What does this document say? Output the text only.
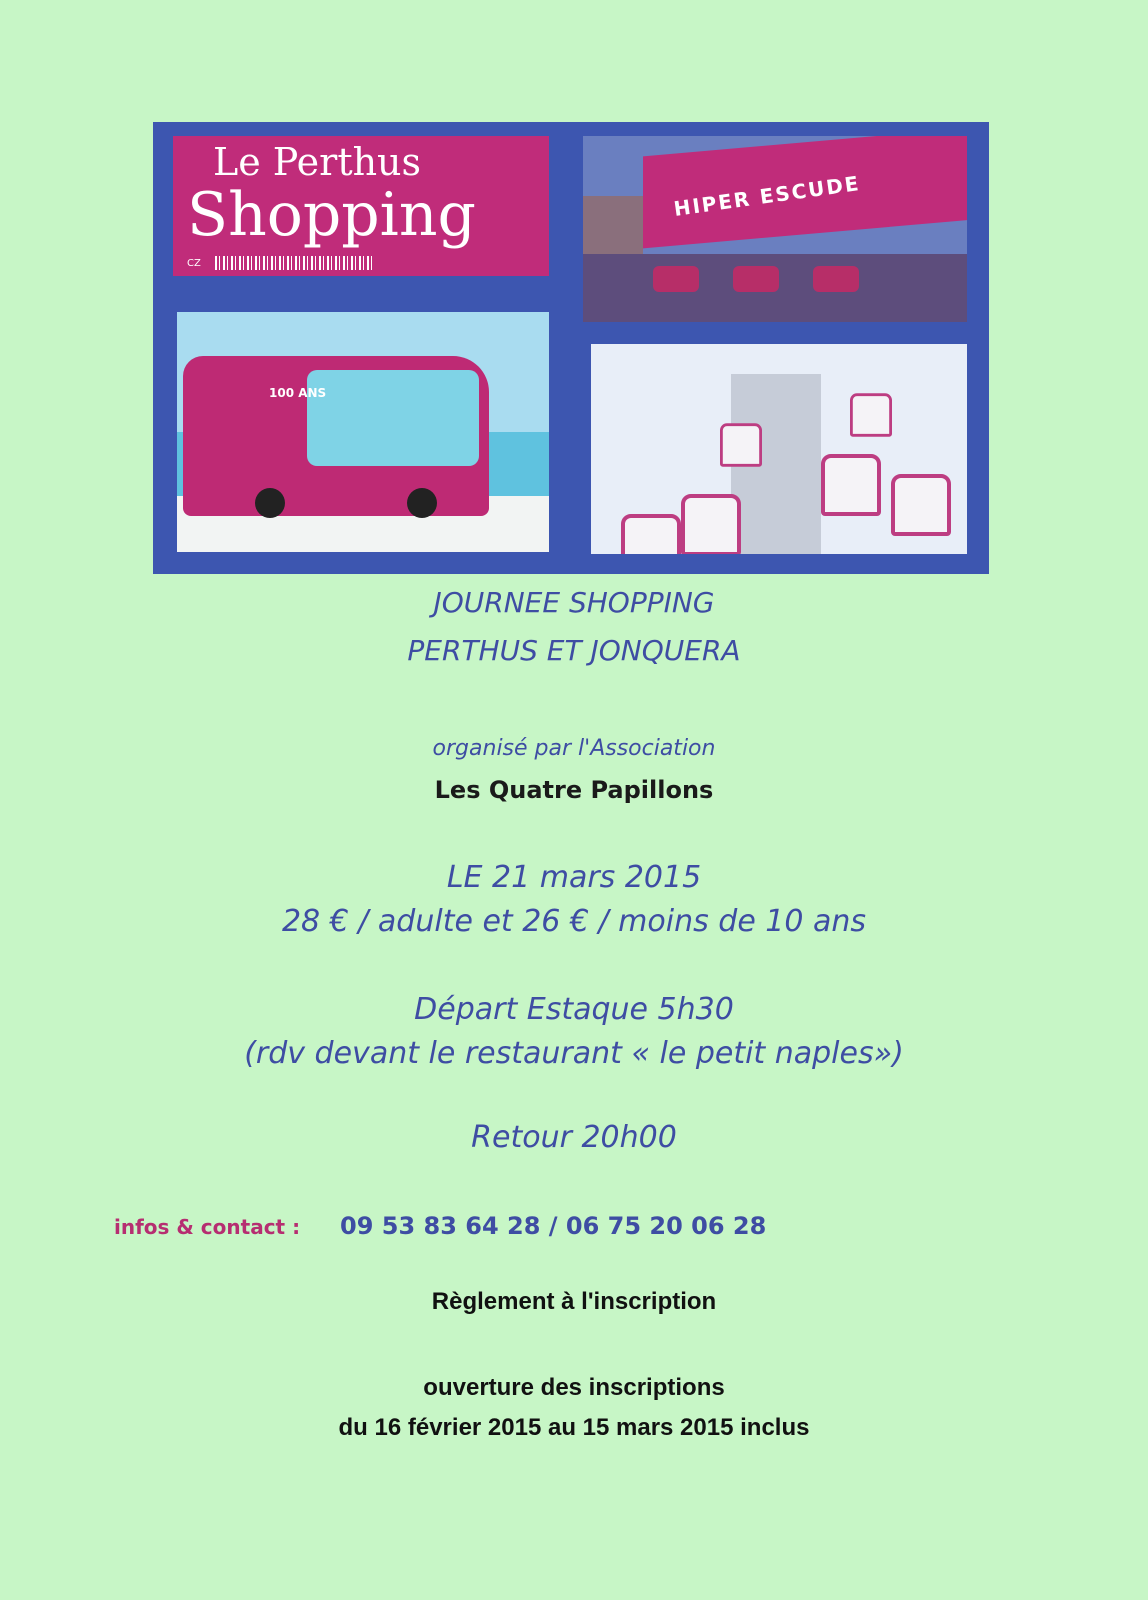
Le Perthus
Shopping
CZ
HIPER ESCUDE
100 ANS
JOURNEE SHOPPING
PERTHUS ET JONQUERA
organisé par l'Association
Les Quatre Papillons
LE 21 mars 2015
28 € / adulte et 26 € / moins de 10 ans
Départ Estaque 5h30
(rdv devant le restaurant « le petit naples»)
Retour 20h00
infos & contact : 09 53 83 64 28 / 06 75 20 06 28
Règlement à l'inscription
ouverture des inscriptions
du 16 février 2015 au 15 mars 2015 inclus
